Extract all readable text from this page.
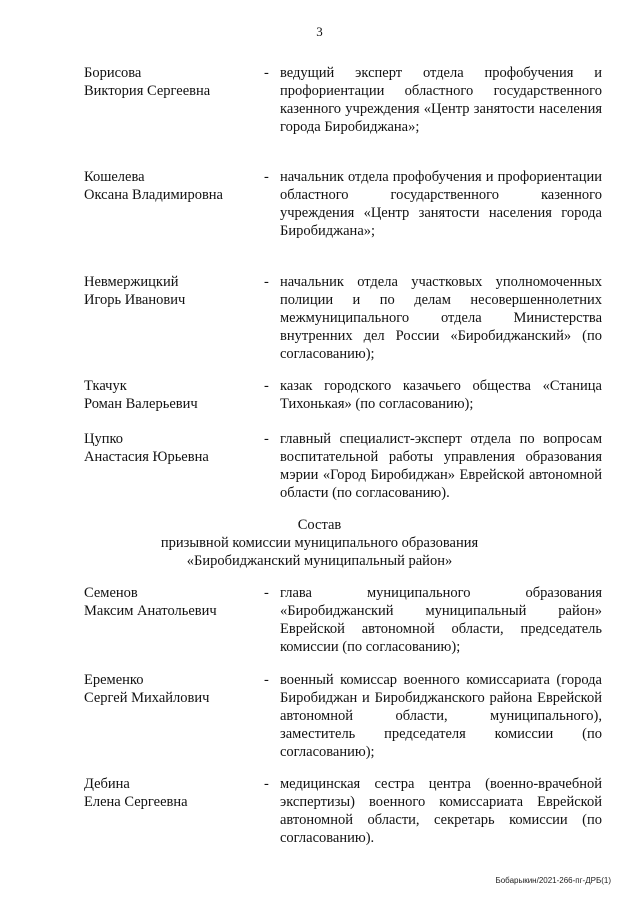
3
Борисова
Виктория Сергеевна
- ведущий эксперт отдела профобучения и профориентации областного государственного казенного учреждения «Центр занятости населения города Биробиджана»;
Кошелева
Оксана Владимировна
- начальник отдела профобучения и профориентации областного государственного казенного учреждения «Центр занятости населения города Биробиджана»;
Невмержицкий
Игорь Иванович
- начальник отдела участковых уполномоченных полиции и по делам несовершеннолетних межмуниципального отдела Министерства внутренних дел России «Биробиджанский» (по согласованию);
Ткачук
Роман Валерьевич
- казак городского казачьего общества «Станица Тихонькая» (по согласованию);
Цупко
Анастасия Юрьевна
- главный специалист-эксперт отдела по вопросам воспитательной работы управления образования мэрии «Город Биробиджан» Еврейской автономной области (по согласованию).
Состав
призывной комиссии муниципального образования
«Биробиджанский муниципальный район»
Семенов
Максим Анатольевич
- глава муниципального образования «Биробиджанский муниципальный район» Еврейской автономной области, председатель комиссии (по согласованию);
Еременко
Сергей Михайлович
- военный комиссар военного комиссариата (города Биробиджан и Биробиджанского района Еврейской автономной области, муниципального), заместитель председателя комиссии (по согласованию);
Дебина
Елена Сергеевна
- медицинская сестра центра (военно-врачебной экспертизы) военного комиссариата Еврейской автономной области, секретарь комиссии (по согласованию).
Бобарыкин/2021-266-пг-ДРБ(1)
